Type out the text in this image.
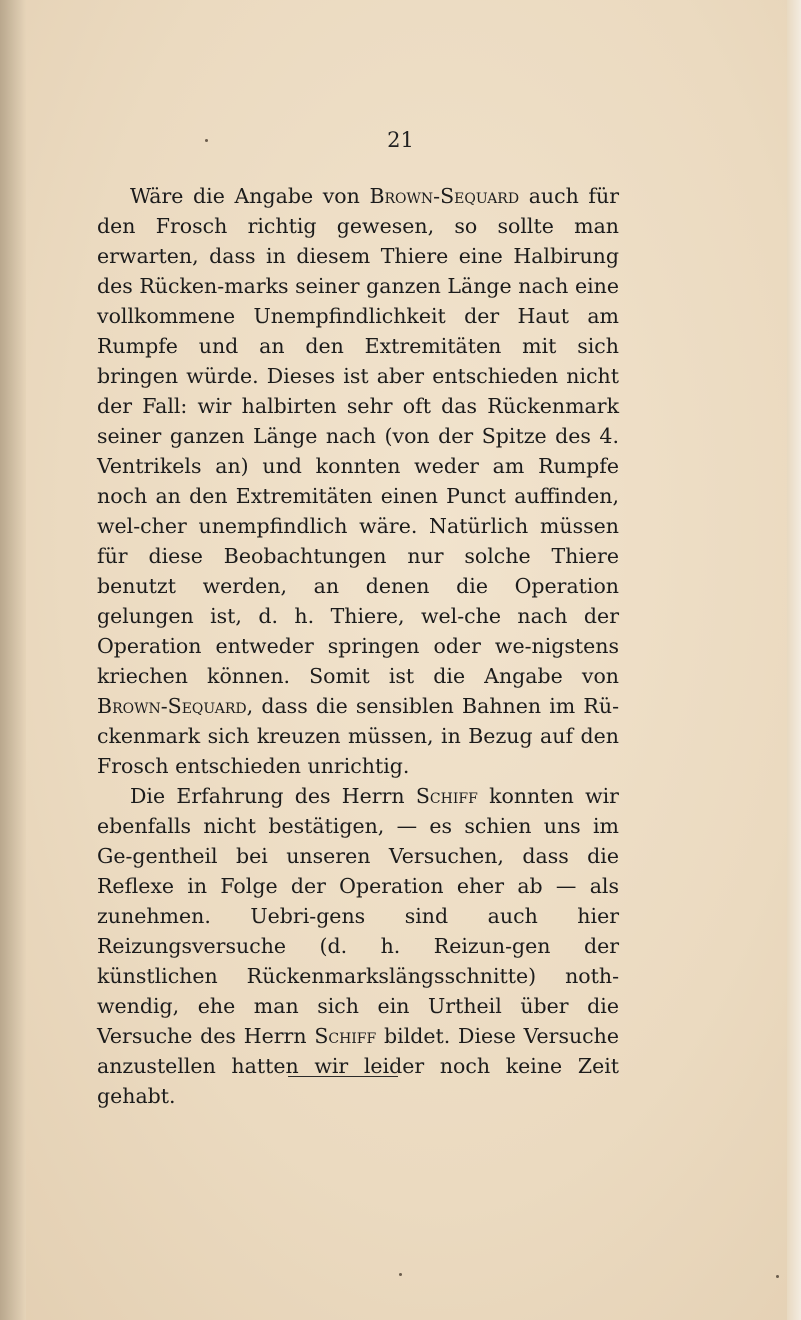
21

Wäre die Angabe von Brown-Sequard auch für den Frosch richtig gewesen, so sollte man erwarten, dass in diesem Thiere eine Halbirung des Rücken-marks seiner ganzen Länge nach eine vollkommene Unempfindlichkeit der Haut am Rumpfe und an den Extremitäten mit sich bringen würde. Dieses ist aber entschieden nicht der Fall: wir halbirten sehr oft das Rückenmark seiner ganzen Länge nach (von der Spitze des 4. Ventrikels an) und konnten weder am Rumpfe noch an den Extremitäten einen Punct auffinden, wel-cher unempfindlich wäre. Natürlich müssen für diese Beobachtungen nur solche Thiere benutzt werden, an denen die Operation gelungen ist, d. h. Thiere, wel-che nach der Operation entweder springen oder we-nigstens kriechen können. Somit ist die Angabe von Brown-Sequard, dass die sensiblen Bahnen im Rü-ckenmark sich kreuzen müssen, in Bezug auf den Frosch entschieden unrichtig.

Die Erfahrung des Herrn Schiff konnten wir ebenfalls nicht bestätigen, — es schien uns im Ge-gentheil bei unseren Versuchen, dass die Reflexe in Folge der Operation eher ab — als zunehmen. Uebri-gens sind auch hier Reizungsversuche (d. h. Reizun-gen der künstlichen Rückenmarkslängsschnitte) noth-wendig, ehe man sich ein Urtheil über die Versuche des Herrn Schiff bildet. Diese Versuche anzustellen hatten wir leider noch keine Zeit gehabt.
